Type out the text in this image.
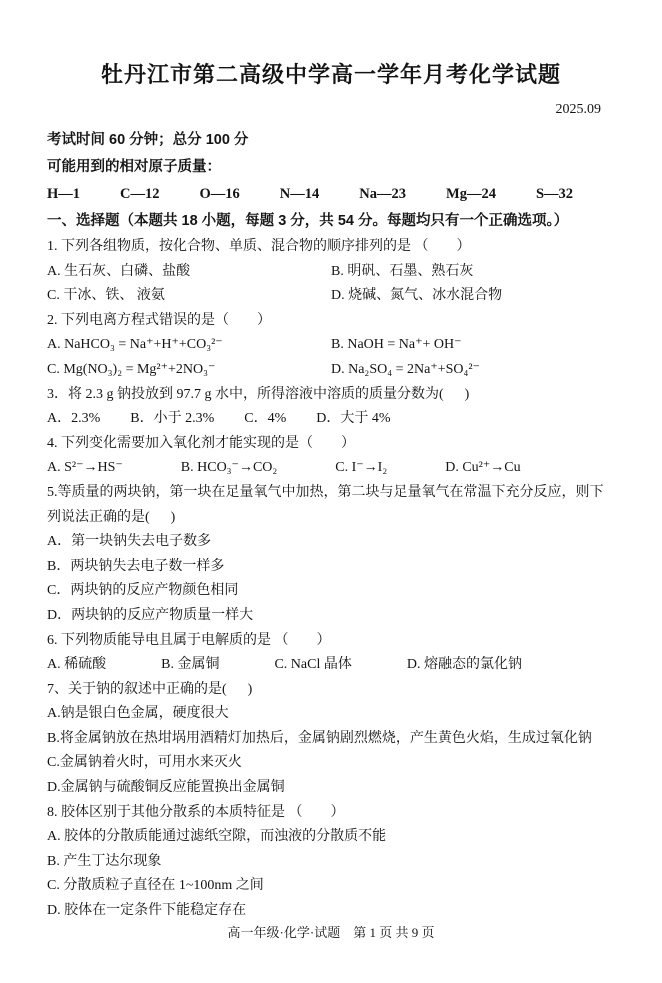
牡丹江市第二高级中学高一学年月考化学试题
2025.09
考试时间 60 分钟；总分 100 分
可能用到的相对原子质量：
H—1	C—12	O—16	N—14	Na—23	Mg—24	S—32
一、选择题（本题共 18 小题，每题 3 分，共 54 分。每题均只有一个正确选项。）
1. 下列各组物质，按化合物、单质、混合物的顺序排列的是 （　　）
A. 生石灰、白磷、盐酸	B. 明矾、石墨、熟石灰
C. 干冰、铁、 液氨	D. 烧碱、氮气、冰水混合物
2. 下列电离方程式错误的是（　　）
A. NaHCO₃ = Na⁺+H⁺+CO₃²⁻	B. NaOH = Na⁺+ OH⁻
C. Mg(NO₃)₂ = Mg²⁺+2NO₃⁻	D. Na₂SO₄ = 2Na⁺+SO₄²⁻
3．将 2.3 g 钠投放到 97.7 g 水中，所得溶液中溶质的质量分数为(      )
A．2.3% B．小于 2.3% C．4% D．大于 4%
4. 下列变化需要加入氧化剂才能实现的是（　　）
A. S²⁻→HS⁻	B. HCO₃⁻→CO₂	C. I⁻→I₂	D. Cu²⁺→Cu
5.等质量的两块钠，第一块在足量氧气中加热，第二块与足量氧气在常温下充分反应，则下列说法正确的是(      )
A．第一块钠失去电子数多
B．两块钠失去电子数一样多
C．两块钠的反应产物颜色相同
D．两块钠的反应产物质量一样大
6. 下列物质能导电且属于电解质的是 （　　）
A. 稀硫酸	B. 金属铜	C. NaCl 晶体	D. 熔融态的氯化钠
7、关于钠的叙述中正确的是(      )
A.钠是银白色金属，硬度很大
B.将金属钠放在热坩埚用酒精灯加热后，金属钠剧烈燃烧，产生黄色火焰，生成过氧化钠
C.金属钠着火时，可用水来灭火
D.金属钠与硫酸铜反应能置换出金属铜
8. 胶体区别于其他分散系的本质特征是 （　　）
A. 胶体的分散质能通过滤纸空隙，而浊液的分散质不能
B. 产生丁达尔现象
C. 分散质粒子直径在 1~100nm 之间
D. 胶体在一定条件下能稳定存在
高一年级·化学·试题　第 1 页 共 9 页
